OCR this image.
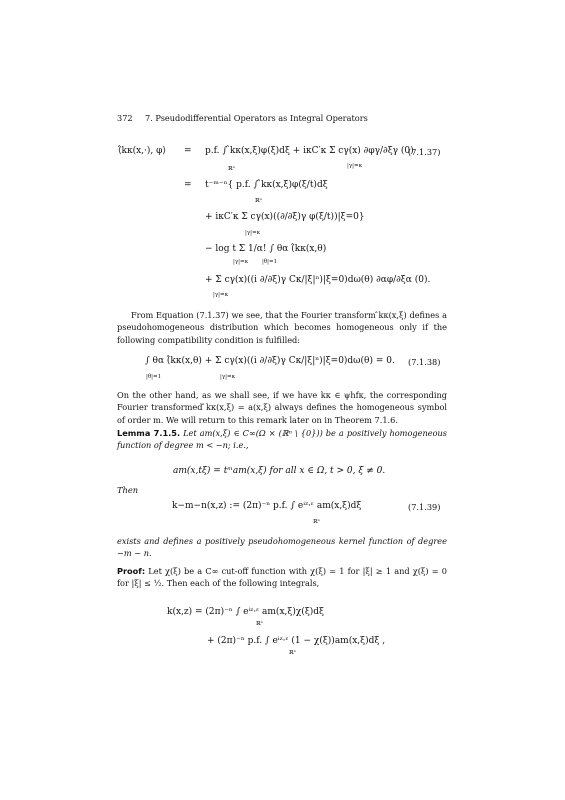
372 7. Pseudodifferential Operators as Integral Operators
⟨̂kκ(x,·), φ⟩ = p.f. ∫ ̂kκ(x,ξ)φ(ξ)dξ + iκC′κ Σ cγ(x) ∂φγ/∂ξγ (0)
ℝⁿ	|γ|=κ
(7.1.37)
= t⁻ᵐ⁻ⁿ{ p.f. ∫ ̂kκ(x,ξ)φ(ξ/t)dξ
ℝⁿ
+ iκC′κ Σ cγ(x)((∂/∂ξ)γ φ(ξ/t))|ξ=0}
|γ|=κ
− log t Σ 1/α! ∫ θα (̂kκ(x,θ)
|γ|=κ	|θ|=1
+ Σ cγ(x)((i ∂/∂ξ)γ Cκ/|ξ|ⁿ)|ξ=0)dω(θ) ∂αφ/∂ξα (0).
|γ|=κ
From Equation (7.1.37) we see, that the Fourier transform ̂kκ(x,ξ) defines a pseudohomogeneous distribution which becomes homogeneous only if the following compatibility condition is fulfilled:
∫ θα (̂kκ(x,θ) + Σ cγ(x)((i ∂/∂ξ)γ Cκ/|ξ|ⁿ)|ξ=0)dω(θ) = 0.
|θ|=1	|γ|=κ
(7.1.38)
On the other hand, as we shall see, if we have kκ ∈ ψhfκ, the corresponding Fourier transformed ̂kκ(x,ξ) = a(x,ξ) always defines the homogeneous symbol of order m. We will return to this remark later on in Theorem 7.1.6.
Lemma 7.1.5. Let am(x,ξ) ∈ C∞(Ω × (ℝⁿ \ {0})) be a positively homogeneous function of degree m < −n; i.e.,
am(x,tξ) = tᵐam(x,ξ) for all x ∈ Ω, t > 0, ξ ≠ 0.
Then
k−m−n(x,z) := (2π)⁻ⁿ p.f. ∫ eⁱᶻ·ᵋ am(x,ξ)dξ
ℝⁿ
(7.1.39)
exists and defines a positively pseudohomogeneous kernel function of degree −m − n.
Proof: Let χ(ξ) be a C∞ cut-off function with χ(ξ) = 1 for |ξ| ≥ 1 and χ(ξ) = 0 for |ξ| ≤ ½. Then each of the following integrals,
k(x,z) = (2π)⁻ⁿ ∫ eⁱᶻ·ᵋ am(x,ξ)χ(ξ)dξ
ℝⁿ
+ (2π)⁻ⁿ p.f. ∫ eⁱᶻ·ᵋ (1 − χ(ξ))am(x,ξ)dξ ,
ℝⁿ
